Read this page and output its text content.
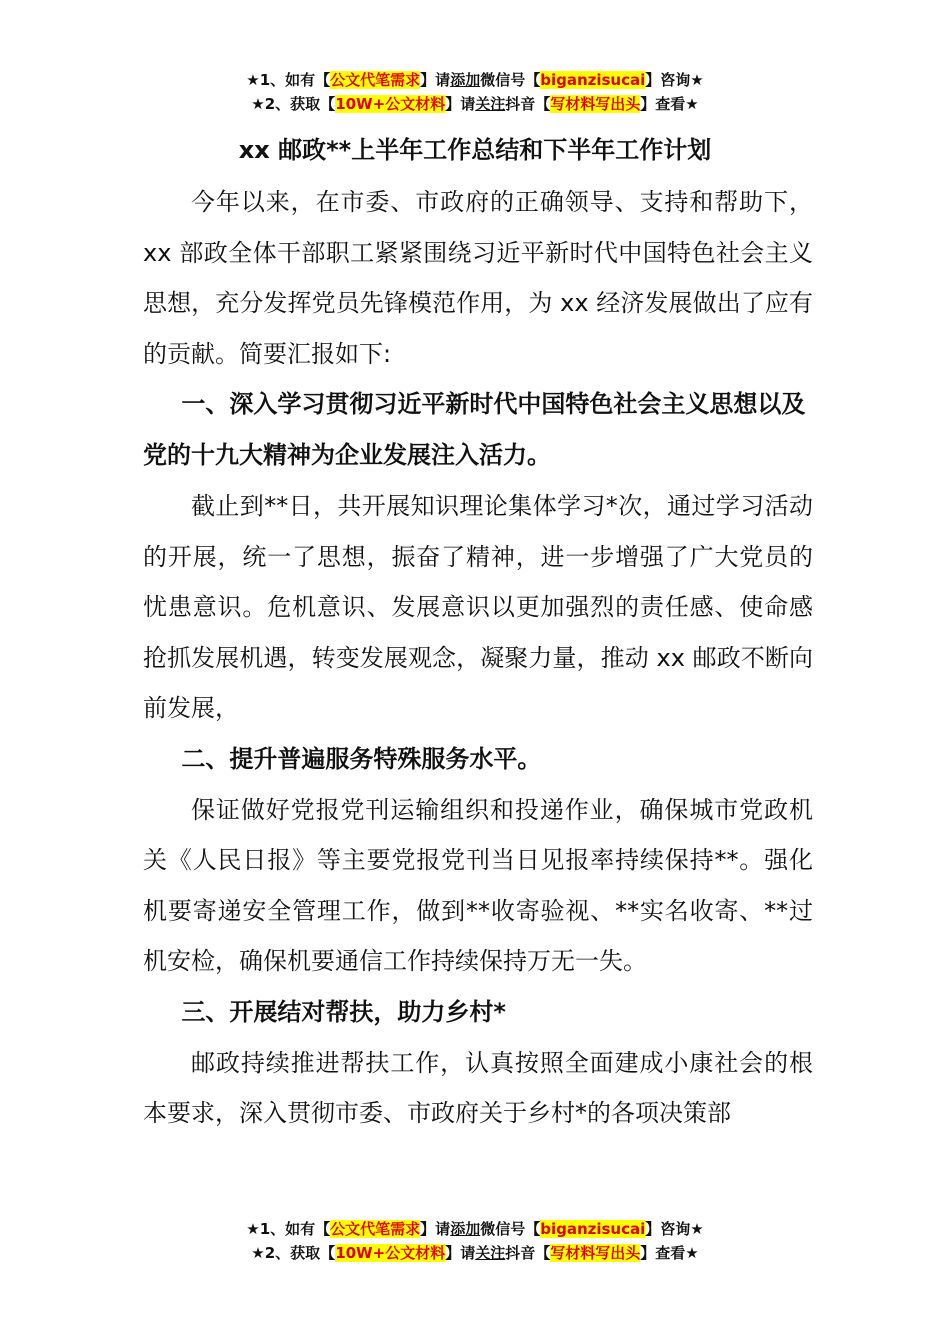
★1、如有【公文代笔需求】请添加微信号【biganzisucai】咨询★
★2、获取【10W+公文材料】请关注抖音【写材料写出头】查看★
xx 邮政**上半年工作总结和下半年工作计划

今年以来，在市委、市政府的正确领导、支持和帮助下，xx 部政全体干部职工紧紧围绕习近平新时代中国特色社会主义思想，充分发挥党员先锋模范作用，为 xx 经济发展做出了应有的贡献。简要汇报如下:

一、深入学习贯彻习近平新时代中国特色社会主义思想以及党的十九大精神为企业发展注入活力。

截止到**日，共开展知识理论集体学习*次，通过学习活动的开展，统一了思想，振奋了精神，进一步增强了广大党员的忧患意识。危机意识、发展意识以更加强烈的责任感、使命感抢抓发展机遇，转变发展观念，凝聚力量，推动 xx 邮政不断向前发展，

二、提升普遍服务特殊服务水平。

保证做好党报党刊运输组织和投递作业，确保城市党政机关《人民日报》等主要党报党刊当日见报率持续保持**。强化机要寄递安全管理工作，做到**收寄验视、**实名收寄、**过机安检，确保机要通信工作持续保持万无一失。

三、开展结对帮扶，助力乡村*

邮政持续推进帮扶工作，认真按照全面建成小康社会的根本要求，深入贯彻市委、市政府关于乡村*的各项决策部

★1、如有【公文代笔需求】请添加微信号【biganzisucai】咨询★
★2、获取【10W+公文材料】请关注抖音【写材料写出头】查看★
